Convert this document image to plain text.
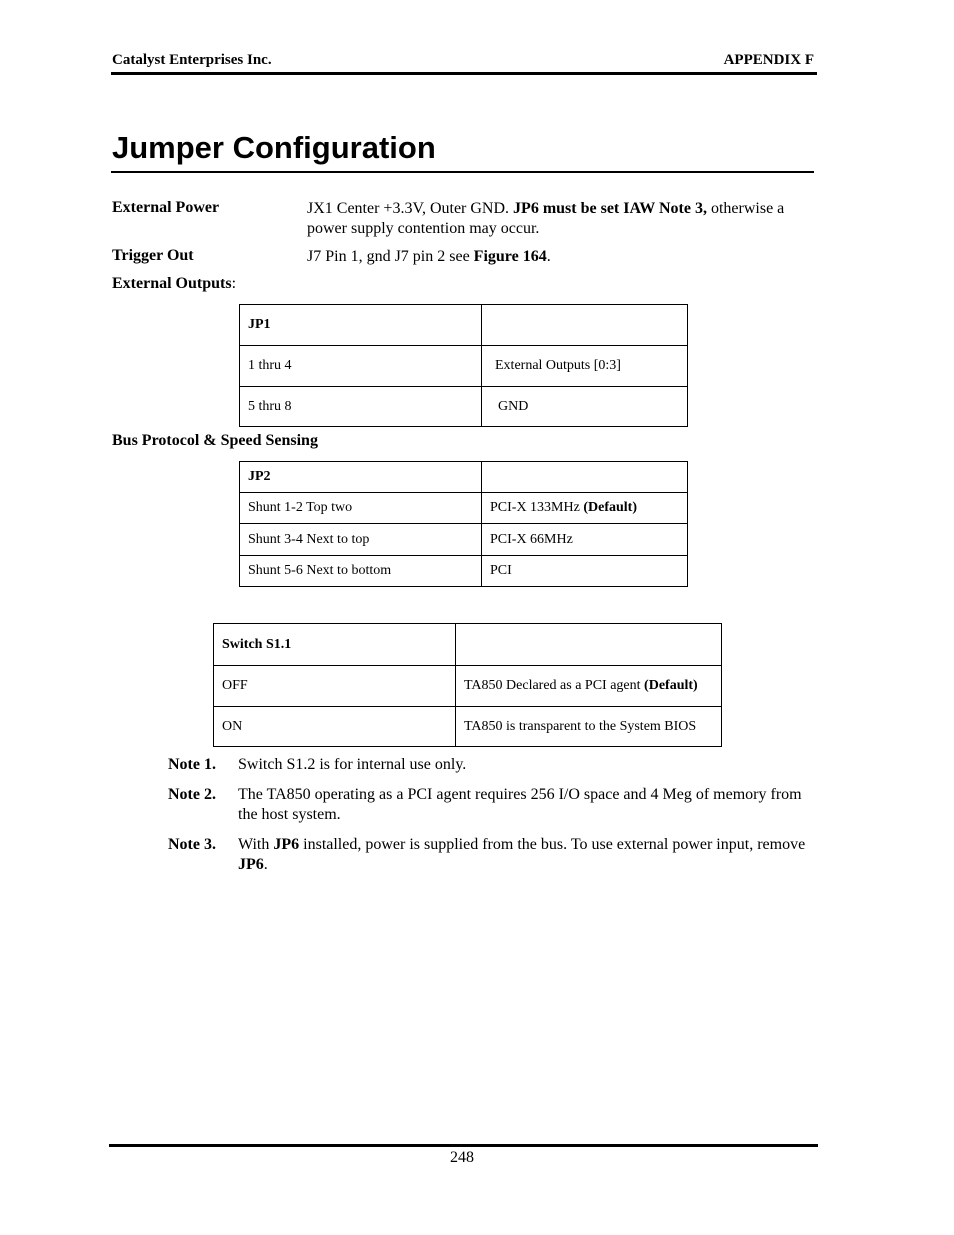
Catalyst Enterprises Inc.	APPENDIX F
Jumper Configuration
External Power	JX1 Center +3.3V, Outer GND. JP6 must be set IAW Note 3, otherwise a power supply contention may occur.
Trigger Out	J7 Pin 1, gnd J7 pin 2 see Figure 164.
External Outputs:
JP1	
1 thru 4	External Outputs [0:3]
5 thru 8	GND
Bus Protocol & Speed Sensing
JP2	
Shunt 1-2 Top two	PCI-X 133MHz (Default)
Shunt 3-4 Next to top	PCI-X 66MHz
Shunt 5-6 Next to bottom	PCI
Switch S1.1	
OFF	TA850 Declared as a PCI agent (Default)
ON	TA850 is transparent to the System BIOS
Note 1.	Switch S1.2 is for internal use only.
Note 2.	The TA850 operating as a PCI agent requires 256 I/O space and 4 Meg of memory from the host system.
Note 3.	With JP6 installed, power is supplied from the bus. To use external power input, remove JP6.
248
